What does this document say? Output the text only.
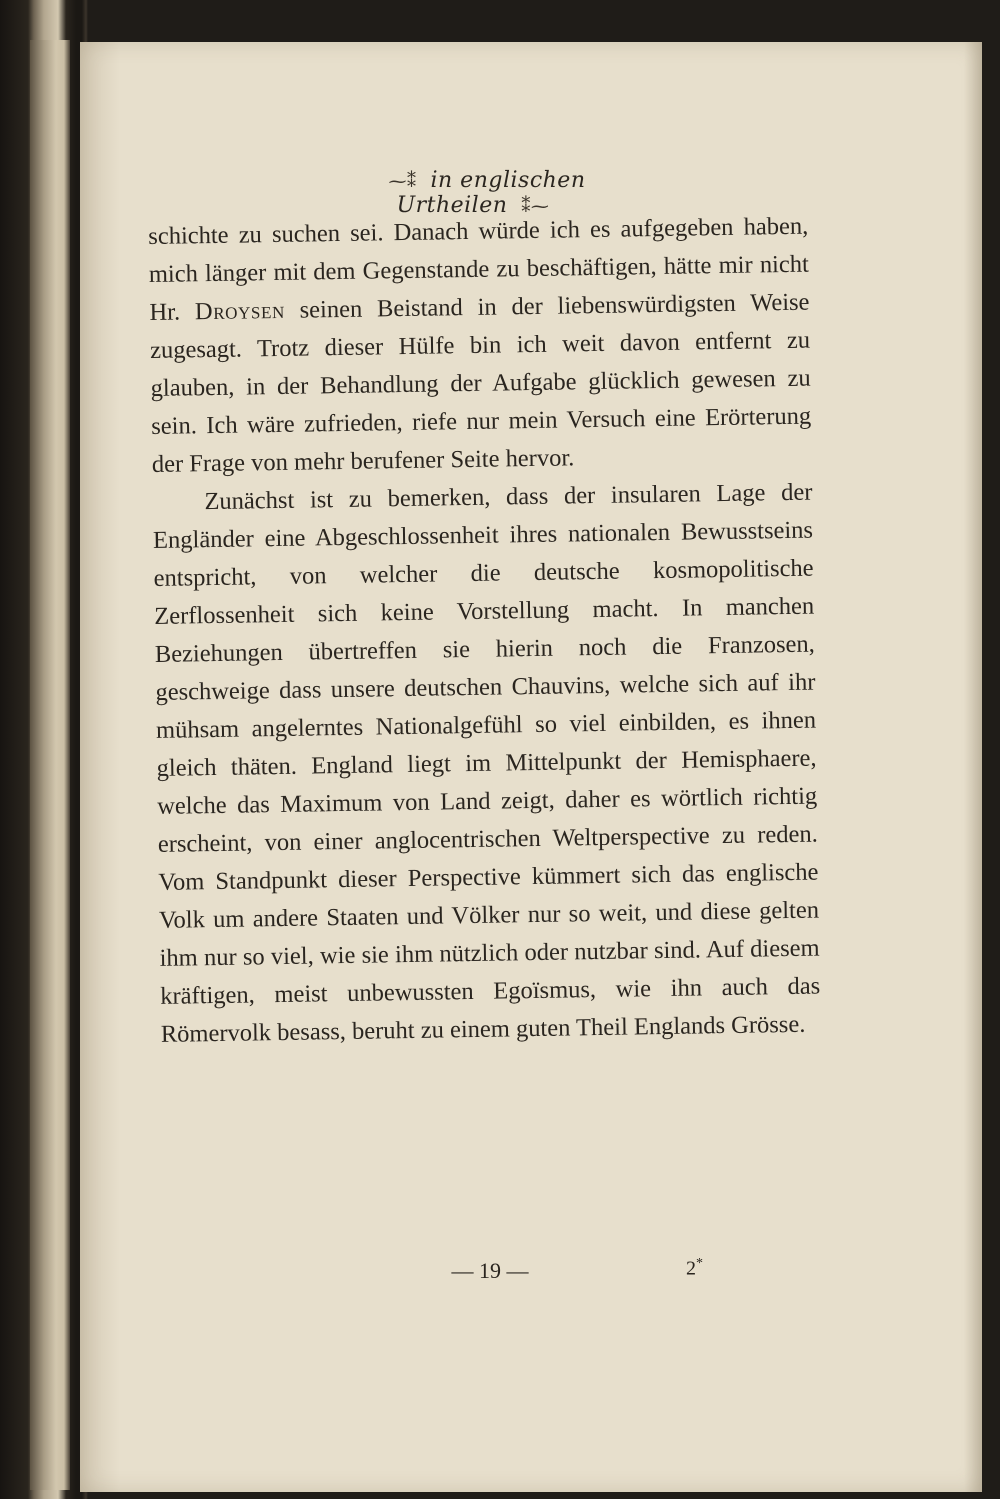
⁓⁑ in englischen Urtheilen ⁑⁓

schichte zu suchen sei. Danach würde ich es aufgegeben haben, mich länger mit dem Gegenstande zu beschäftigen, hätte mir nicht Hr. Droysen seinen Beistand in der liebenswürdigsten Weise zugesagt. Trotz dieser Hülfe bin ich weit davon entfernt zu glauben, in der Behandlung der Aufgabe glücklich gewesen zu sein. Ich wäre zufrieden, riefe nur mein Versuch eine Erörterung der Frage von mehr berufener Seite hervor.

Zunächst ist zu bemerken, dass der insularen Lage der Engländer eine Abgeschlossenheit ihres nationalen Bewusstseins entspricht, von welcher die deutsche kosmopolitische Zerflossenheit sich keine Vorstellung macht. In manchen Beziehungen übertreffen sie hierin noch die Franzosen, geschweige dass unsere deutschen Chauvins, welche sich auf ihr mühsam angelerntes Nationalgefühl so viel einbilden, es ihnen gleich thäten. England liegt im Mittelpunkt der Hemisphaere, welche das Maximum von Land zeigt, daher es wörtlich richtig erscheint, von einer anglocentrischen Weltperspective zu reden. Vom Standpunkt dieser Perspective kümmert sich das englische Volk um andere Staaten und Völker nur so weit, und diese gelten ihm nur so viel, wie sie ihm nützlich oder nutzbar sind. Auf diesem kräftigen, meist unbewussten Egoïsmus, wie ihn auch das Römervolk besass, beruht zu einem guten Theil Englands Grösse.

— 19 —	2*
